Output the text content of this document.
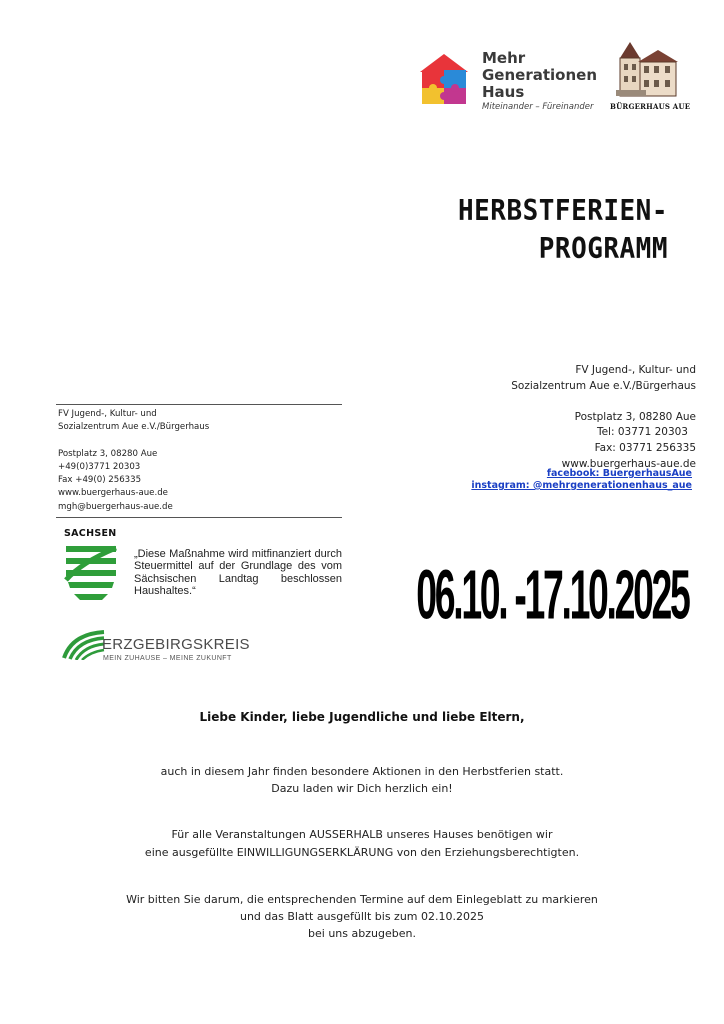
Mehr
Generationen
Haus
Miteinander – Füreinander BÜRGERHAUS AUE
HERBSTFERIEN-
PROGRAMM
FV Jugend-, Kultur- und
Sozialzentrum Aue e.V./Bürgerhaus
Postplatz 3, 08280 Aue
Tel: 03771 20303
Fax: 03771 256335
www.buergerhaus-aue.de
facebook: BuergerhausAue
instagram: @mehrgenerationenhaus_aue
FV Jugend-, Kultur- und
Sozialzentrum Aue e.V./Bürgerhaus
Postplatz 3, 08280 Aue
+49(0)3771 20303
Fax +49(0) 256335
www.buergerhaus-aue.de
mgh@buergerhaus-aue.de
SACHSEN
„Diese Maßnahme wird mitfinanziert durch Steuermittel auf der Grundlage des vom Sächsischen Landtag beschlossen Haushaltes.“
ERZGEBIRGSKREIS
MEIN ZUHAUSE – MEINE ZUKUNFT
06.10. -17.10.2025
Liebe Kinder, liebe Jugendliche und liebe Eltern,
auch in diesem Jahr finden besondere Aktionen in den Herbstferien statt.
Dazu laden wir Dich herzlich ein!
Für alle Veranstaltungen AUSSERHALB unseres Hauses benötigen wir
eine ausgefüllte EINWILLIGUNGSERKLÄRUNG von den Erziehungsberechtigten.
Wir bitten Sie darum, die entsprechenden Termine auf dem Einlegeblatt zu markieren
und das Blatt ausgefüllt bis zum 02.10.2025
bei uns abzugeben.
